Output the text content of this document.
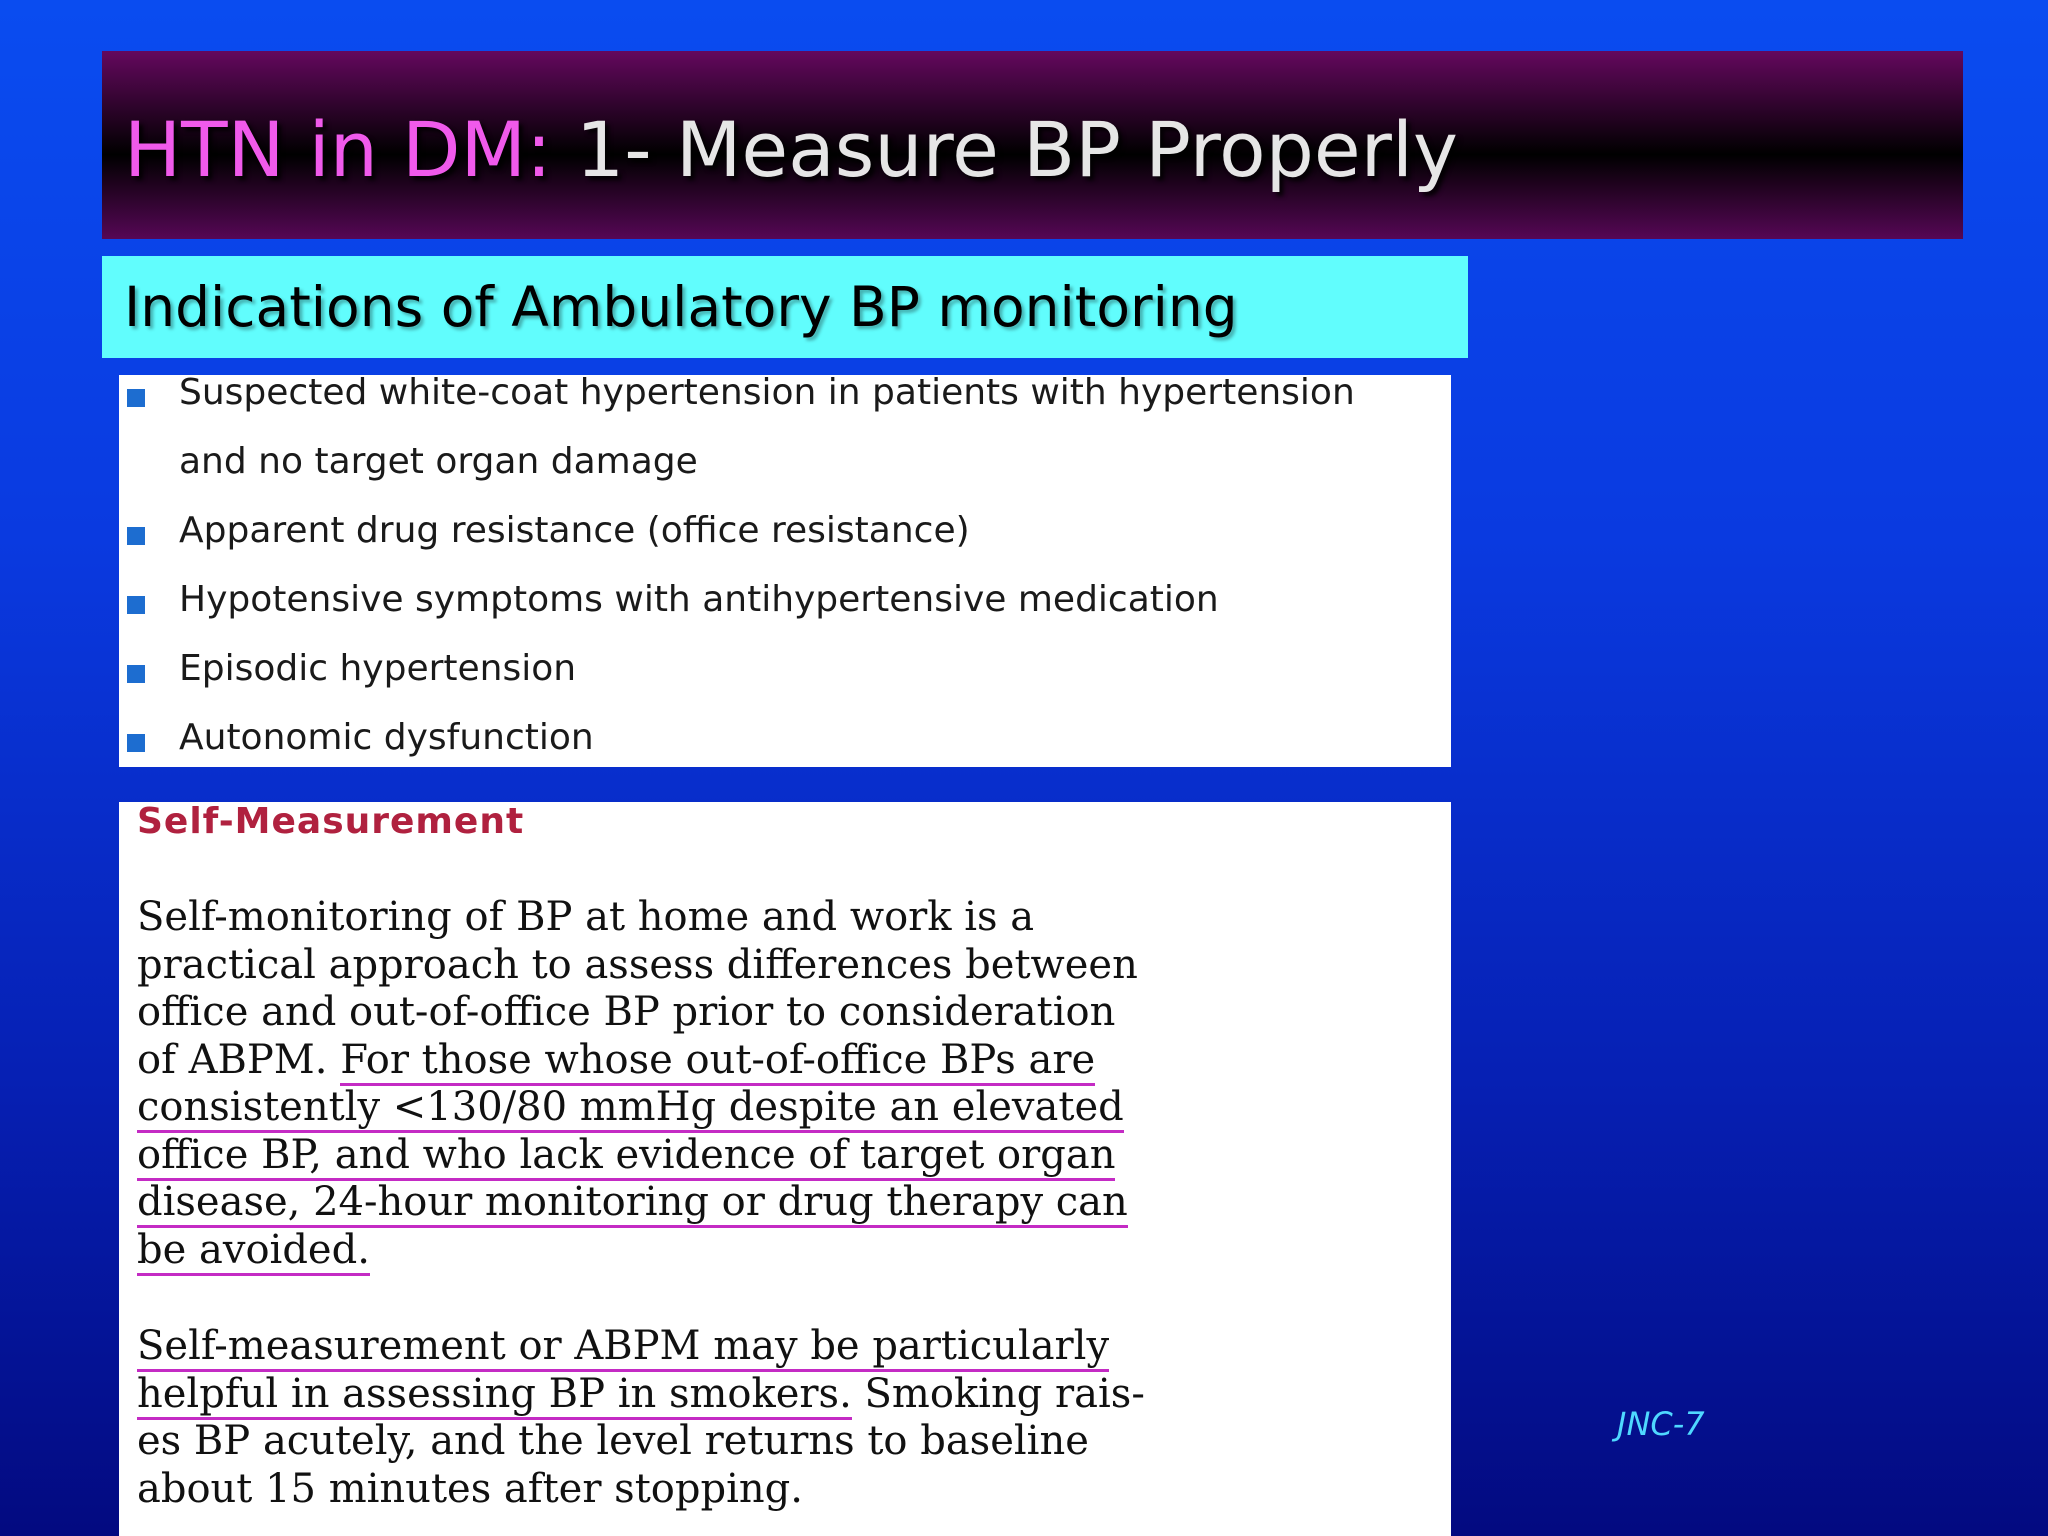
HTN in DM: 1- Measure BP Properly
Indications of Ambulatory BP monitoring
Suspected white-coat hypertension in patients with hypertension
and no target organ damage
Apparent drug resistance (office resistance)
Hypotensive symptoms with antihypertensive medication
Episodic hypertension
Autonomic dysfunction
Self-Measurement
Self-monitoring of BP at home and work is a
practical approach to assess differences between
office and out-of-office BP prior to consideration
of ABPM. For those whose out-of-office BPs are
consistently <130/80 mmHg despite an elevated
office BP, and who lack evidence of target organ
disease, 24-hour monitoring or drug therapy can
be avoided.
Self-measurement or ABPM may be particularly
helpful in assessing BP in smokers. Smoking rais-
es BP acutely, and the level returns to baseline
about 15 minutes after stopping.
JNC-7
